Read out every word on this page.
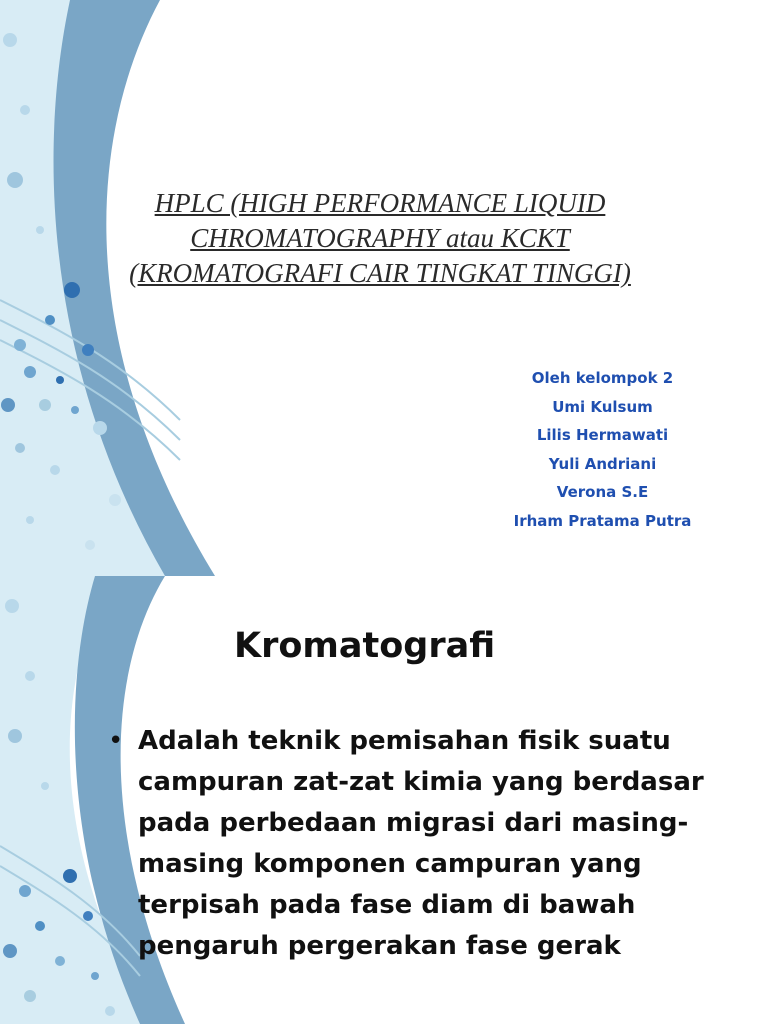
HPLC (HIGH PERFORMANCE LIQUID
CHROMATOGRAPHY atau KCKT
(KROMATOGRAFI CAIR TINGKAT TINGGI)
Oleh kelompok 2
Umi Kulsum
Lilis Hermawati
Yuli Andriani
Verona S.E
Irham Pratama Putra
Kromatografi
• Adalah teknik pemisahan fisik suatu campuran zat-zat kimia yang berdasar pada perbedaan migrasi dari masing-masing komponen campuran yang terpisah pada fase diam di bawah pengaruh pergerakan fase gerak
